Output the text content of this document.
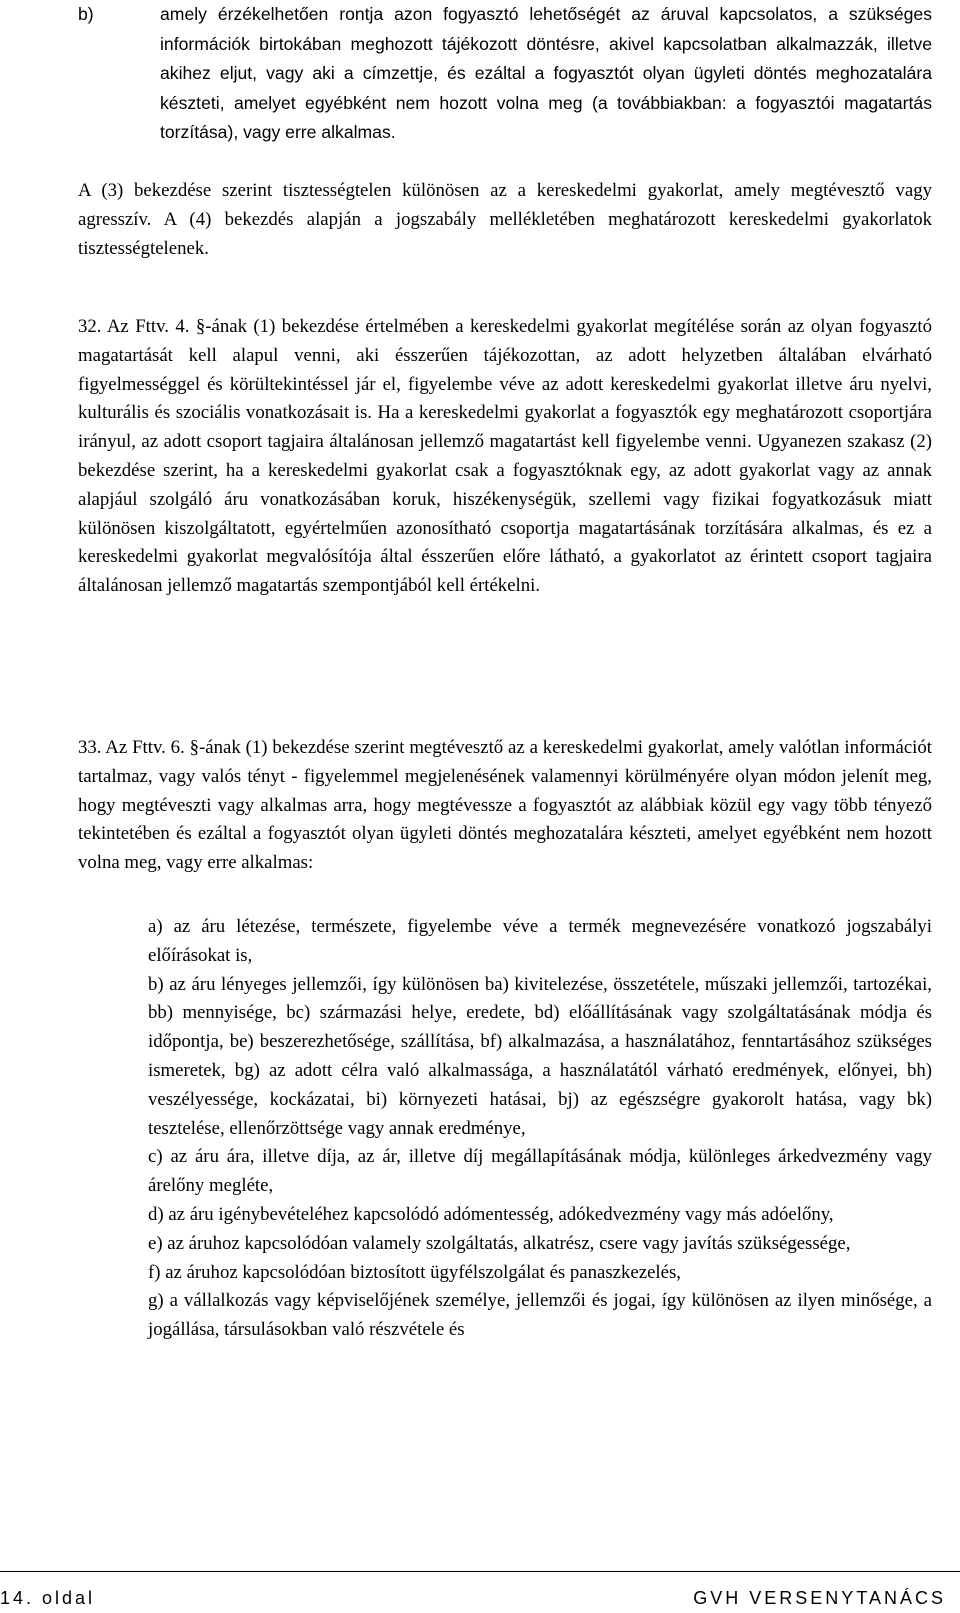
b)	amely érzékelhetően rontja azon fogyasztó lehetőségét az áruval kapcsolatos, a szükséges információk birtokában meghozott tájékozott döntésre, akivel kapcsolatban alkalmazzák, illetve akihez eljut, vagy aki a címzettje, és ezáltal a fogyasztót olyan ügyleti döntés meghozatalára készteti, amelyet egyébként nem hozott volna meg (a továbbiakban: a fogyasztói magatartás torzítása), vagy erre alkalmas.

A (3) bekezdése szerint tisztességtelen különösen az a kereskedelmi gyakorlat, amely megtévesztő vagy agresszív. A (4) bekezdés alapján a jogszabály mellékletében meghatározott kereskedelmi gyakorlatok tisztességtelenek.

32. Az Fttv. 4. §-ának (1) bekezdése értelmében a kereskedelmi gyakorlat megítélése során az olyan fogyasztó magatartását kell alapul venni, aki ésszerűen tájékozottan, az adott helyzetben általában elvárható figyelmességgel és körültekintéssel jár el, figyelembe véve az adott kereskedelmi gyakorlat illetve áru nyelvi, kulturális és szociális vonatkozásait is. Ha a kereskedelmi gyakorlat a fogyasztók egy meghatározott csoportjára irányul, az adott csoport tagjaira általánosan jellemző magatartást kell figyelembe venni. Ugyanezen szakasz (2) bekezdése szerint, ha a kereskedelmi gyakorlat csak a fogyasztóknak egy, az adott gyakorlat vagy az annak alapjául szolgáló áru vonatkozásában koruk, hiszékenységük, szellemi vagy fizikai fogyatkozásuk miatt különösen kiszolgáltatott, egyértelműen azonosítható csoportja magatartásának torzítására alkalmas, és ez a kereskedelmi gyakorlat megvalósítója által ésszerűen előre látható, a gyakorlatot az érintett csoport tagjaira általánosan jellemző magatartás szempontjából kell értékelni.

33. Az Fttv. 6. §-ának (1) bekezdése szerint megtévesztő az a kereskedelmi gyakorlat, amely valótlan információt tartalmaz, vagy valós tényt - figyelemmel megjelenésének valamennyi körülményére olyan módon jelenít meg, hogy megtéveszti vagy alkalmas arra, hogy megtévessze a fogyasztót az alábbiak közül egy vagy több tényező tekintetében és ezáltal a fogyasztót olyan ügyleti döntés meghozatalára készteti, amelyet egyébként nem hozott volna meg, vagy erre alkalmas:

a) az áru létezése, természete, figyelembe véve a termék megnevezésére vonatkozó jogszabályi előírásokat is,

b) az áru lényeges jellemzői, így különösen ba) kivitelezése, összetétele, műszaki jellemzői, tartozékai, bb) mennyisége, bc) származási helye, eredete, bd) előállításának vagy szolgáltatásának módja és időpontja, be) beszerezhetősége, szállítása, bf) alkalmazása, a használatához, fenntartásához szükséges ismeretek, bg) az adott célra való alkalmassága, a használatától várható eredmények, előnyei, bh) veszélyessége, kockázatai, bi) környezeti hatásai, bj) az egészségre gyakorolt hatása, vagy bk) tesztelése, ellenőrzöttsége vagy annak eredménye,

c) az áru ára, illetve díja, az ár, illetve díj megállapításának módja, különleges árkedvezmény vagy árelőny megléte,

d) az áru igénybevételéhez kapcsolódó adómentesség, adókedvezmény vagy más adóelőny,

e) az áruhoz kapcsolódóan valamely szolgáltatás, alkatrész, csere vagy javítás szükségessége,

f) az áruhoz kapcsolódóan biztosított ügyfélszolgálat és panaszkezelés,

g) a vállalkozás vagy képviselőjének személye, jellemzői és jogai, így különösen az ilyen minősége, a jogállása, társulásokban való részvétele és

14. oldal	GVH VERSENYTANÁCS
